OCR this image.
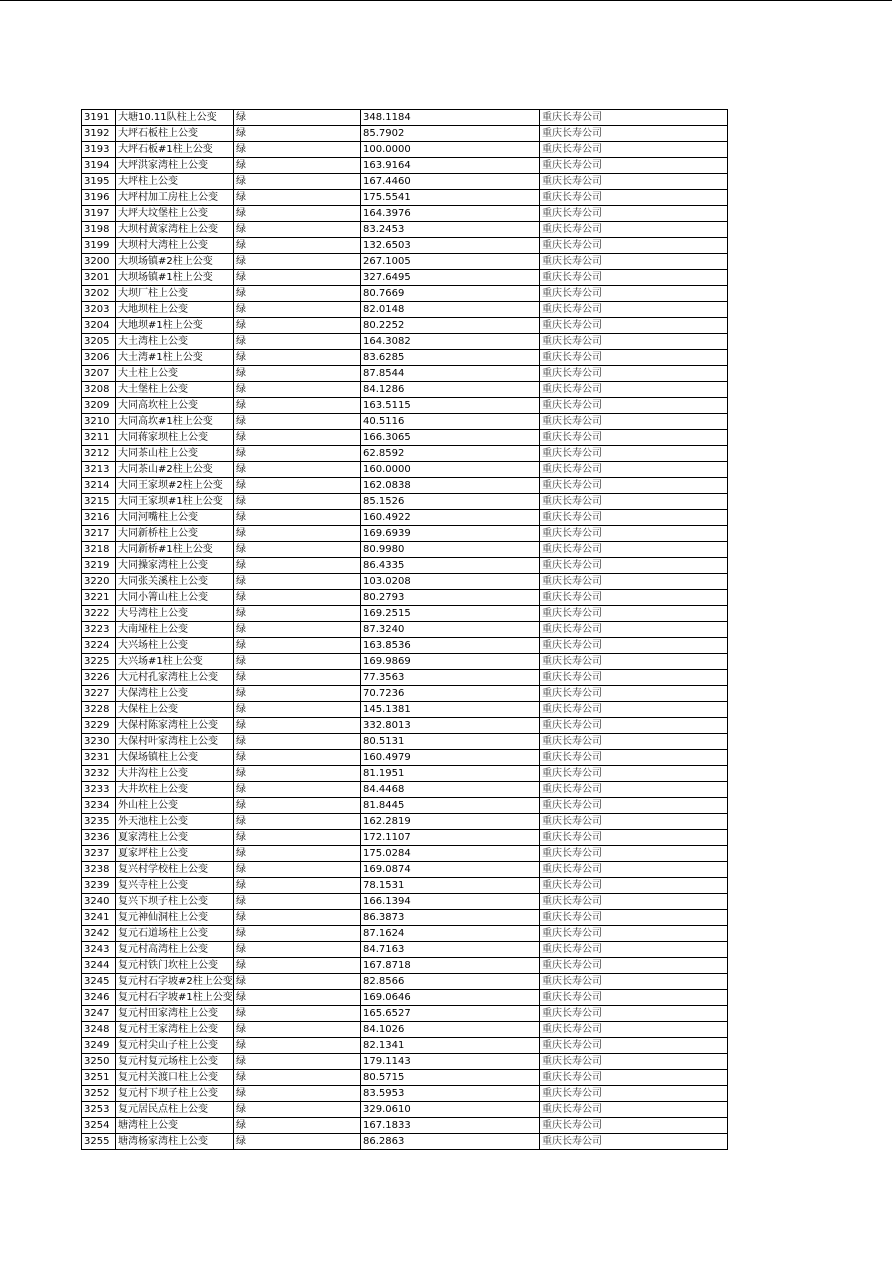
3191	大塘10.11队柱上公变	绿	348.1184	重庆长寿公司
3192	大坪石板柱上公变	绿	85.7902	重庆长寿公司
3193	大坪石板#1柱上公变	绿	100.0000	重庆长寿公司
3194	大坪洪家湾柱上公变	绿	163.9164	重庆长寿公司
3195	大坪柱上公变	绿	167.4460	重庆长寿公司
3196	大坪村加工房柱上公变	绿	175.5541	重庆长寿公司
3197	大坪大坟堡柱上公变	绿	164.3976	重庆长寿公司
3198	大坝村黄家湾柱上公变	绿	83.2453	重庆长寿公司
3199	大坝村大湾柱上公变	绿	132.6503	重庆长寿公司
3200	大坝场镇#2柱上公变	绿	267.1005	重庆长寿公司
3201	大坝场镇#1柱上公变	绿	327.6495	重庆长寿公司
3202	大坝厂柱上公变	绿	80.7669	重庆长寿公司
3203	大地坝柱上公变	绿	82.0148	重庆长寿公司
3204	大地坝#1柱上公变	绿	80.2252	重庆长寿公司
3205	大土湾柱上公变	绿	164.3082	重庆长寿公司
3206	大土湾#1柱上公变	绿	83.6285	重庆长寿公司
3207	大土柱上公变	绿	87.8544	重庆长寿公司
3208	大土堡柱上公变	绿	84.1286	重庆长寿公司
3209	大同高坎柱上公变	绿	163.5115	重庆长寿公司
3210	大同高坎#1柱上公变	绿	40.5116	重庆长寿公司
3211	大同蒋家坝柱上公变	绿	166.3065	重庆长寿公司
3212	大同茶山柱上公变	绿	62.8592	重庆长寿公司
3213	大同茶山#2柱上公变	绿	160.0000	重庆长寿公司
3214	大同王家坝#2柱上公变	绿	162.0838	重庆长寿公司
3215	大同王家坝#1柱上公变	绿	85.1526	重庆长寿公司
3216	大同河嘴柱上公变	绿	160.4922	重庆长寿公司
3217	大同新桥柱上公变	绿	169.6939	重庆长寿公司
3218	大同新桥#1柱上公变	绿	80.9980	重庆长寿公司
3219	大同操家湾柱上公变	绿	86.4335	重庆长寿公司
3220	大同张关溪柱上公变	绿	103.0208	重庆长寿公司
3221	大同小箐山柱上公变	绿	80.2793	重庆长寿公司
3222	大号湾柱上公变	绿	169.2515	重庆长寿公司
3223	大南垭柱上公变	绿	87.3240	重庆长寿公司
3224	大兴场柱上公变	绿	163.8536	重庆长寿公司
3225	大兴场#1柱上公变	绿	169.9869	重庆长寿公司
3226	大元村孔家湾柱上公变	绿	77.3563	重庆长寿公司
3227	大保湾柱上公变	绿	70.7236	重庆长寿公司
3228	大保柱上公变	绿	145.1381	重庆长寿公司
3229	大保村陈家湾柱上公变	绿	332.8013	重庆长寿公司
3230	大保村叶家湾柱上公变	绿	80.5131	重庆长寿公司
3231	大保场镇柱上公变	绿	160.4979	重庆长寿公司
3232	大井沟柱上公变	绿	81.1951	重庆长寿公司
3233	大井坎柱上公变	绿	84.4468	重庆长寿公司
3234	外山柱上公变	绿	81.8445	重庆长寿公司
3235	外天池柱上公变	绿	162.2819	重庆长寿公司
3236	夏家湾柱上公变	绿	172.1107	重庆长寿公司
3237	夏家坪柱上公变	绿	175.0284	重庆长寿公司
3238	复兴村学校柱上公变	绿	169.0874	重庆长寿公司
3239	复兴寺柱上公变	绿	78.1531	重庆长寿公司
3240	复兴下坝子柱上公变	绿	166.1394	重庆长寿公司
3241	复元神仙洞柱上公变	绿	86.3873	重庆长寿公司
3242	复元石道场柱上公变	绿	87.1624	重庆长寿公司
3243	复元村高湾柱上公变	绿	84.7163	重庆长寿公司
3244	复元村铁门坎柱上公变	绿	167.8718	重庆长寿公司
3245	复元村石字坡#2柱上公变	绿	82.8566	重庆长寿公司
3246	复元村石字坡#1柱上公变	绿	169.0646	重庆长寿公司
3247	复元村田家湾柱上公变	绿	165.6527	重庆长寿公司
3248	复元村王家湾柱上公变	绿	84.1026	重庆长寿公司
3249	复元村尖山子柱上公变	绿	82.1341	重庆长寿公司
3250	复元村复元场柱上公变	绿	179.1143	重庆长寿公司
3251	复元村关渡口柱上公变	绿	80.5715	重庆长寿公司
3252	复元村下坝子柱上公变	绿	83.5953	重庆长寿公司
3253	复元居民点柱上公变	绿	329.0610	重庆长寿公司
3254	塘湾柱上公变	绿	167.1833	重庆长寿公司
3255	塘湾杨家湾柱上公变	绿	86.2863	重庆长寿公司
